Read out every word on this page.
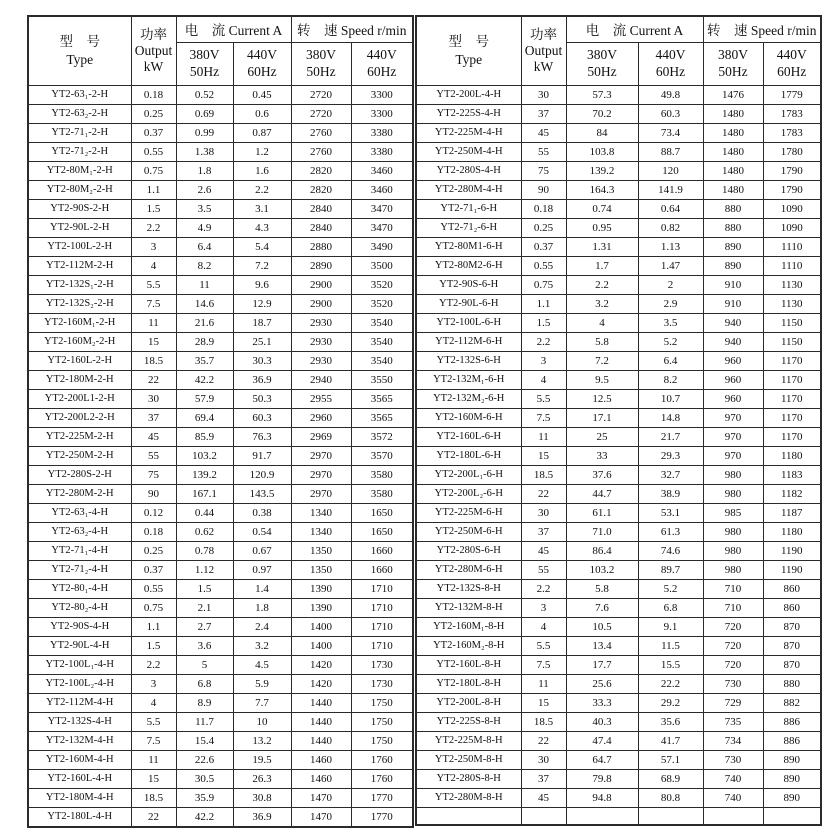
型　号
Type

功率
Output
kW
	电　流 Current A	转　速 Speed r/min

380V
50Hz

440V
60Hz

380V
50Hz

440V
60Hz

YT2-63₁-2-H	0.18	0.52	0.45	2720	3300
YT2-63₂-2-H	0.25	0.69	0.6	2720	3300
YT2-71₁-2-H	0.37	0.99	0.87	2760	3380
YT2-71₂-2-H	0.55	1.38	1.2	2760	3380
YT2-80M₁-2-H	0.75	1.8	1.6	2820	3460
YT2-80M₂-2-H	1.1	2.6	2.2	2820	3460
YT2-90S-2-H	1.5	3.5	3.1	2840	3470
YT2-90L-2-H	2.2	4.9	4.3	2840	3470
YT2-100L-2-H	3	6.4	5.4	2880	3490
YT2-112M-2-H	4	8.2	7.2	2890	3500
YT2-132S₁-2-H	5.5	11	9.6	2900	3520
YT2-132S₂-2-H	7.5	14.6	12.9	2900	3520
YT2-160M₁-2-H	11	21.6	18.7	2930	3540
YT2-160M₂-2-H	15	28.9	25.1	2930	3540
YT2-160L-2-H	18.5	35.7	30.3	2930	3540
YT2-180M-2-H	22	42.2	36.9	2940	3550
YT2-200L1-2-H	30	57.9	50.3	2955	3565
YT2-200L2-2-H	37	69.4	60.3	2960	3565
YT2-225M-2-H	45	85.9	76.3	2969	3572
YT2-250M-2-H	55	103.2	91.7	2970	3570
YT2-280S-2-H	75	139.2	120.9	2970	3580
YT2-280M-2-H	90	167.1	143.5	2970	3580
YT2-63₁-4-H	0.12	0.44	0.38	1340	1650
YT2-63₂-4-H	0.18	0.62	0.54	1340	1650
YT2-71₁-4-H	0.25	0.78	0.67	1350	1660
YT2-71₂-4-H	0.37	1.12	0.97	1350	1660
YT2-80₁-4-H	0.55	1.5	1.4	1390	1710
YT2-80₂-4-H	0.75	2.1	1.8	1390	1710
YT2-90S-4-H	1.1	2.7	2.4	1400	1710
YT2-90L-4-H	1.5	3.6	3.2	1400	1710
YT2-100L₁-4-H	2.2	5	4.5	1420	1730
YT2-100L₂-4-H	3	6.8	5.9	1420	1730
YT2-112M-4-H	4	8.9	7.7	1440	1750
YT2-132S-4-H	5.5	11.7	10	1440	1750
YT2-132M-4-H	7.5	15.4	13.2	1440	1750
YT2-160M-4-H	11	22.6	19.5	1460	1760
YT2-160L-4-H	15	30.5	26.3	1460	1760
YT2-180M-4-H	18.5	35.9	30.8	1470	1770
YT2-180L-4-H	22	42.2	36.9	1470	1770
型　号
Type

功率
Output
kW
	电　流 Current A	转　速 Speed r/min

380V
50Hz

440V
60Hz

380V
50Hz

440V
60Hz

YT2-200L-4-H	30	57.3	49.8	1476	1779
YT2-225S-4-H	37	70.2	60.3	1480	1783
YT2-225M-4-H	45	84	73.4	1480	1783
YT2-250M-4-H	55	103.8	88.7	1480	1780
YT2-280S-4-H	75	139.2	120	1480	1790
YT2-280M-4-H	90	164.3	141.9	1480	1790
YT2-71₁-6-H	0.18	0.74	0.64	880	1090
YT2-71₂-6-H	0.25	0.95	0.82	880	1090
YT2-80M1-6-H	0.37	1.31	1.13	890	1110
YT2-80M2-6-H	0.55	1.7	1.47	890	1110
YT2-90S-6-H	0.75	2.2	2	910	1130
YT2-90L-6-H	1.1	3.2	2.9	910	1130
YT2-100L-6-H	1.5	4	3.5	940	1150
YT2-112M-6-H	2.2	5.8	5.2	940	1150
YT2-132S-6-H	3	7.2	6.4	960	1170
YT2-132M₁-6-H	4	9.5	8.2	960	1170
YT2-132M₂-6-H	5.5	12.5	10.7	960	1170
YT2-160M-6-H	7.5	17.1	14.8	970	1170
YT2-160L-6-H	11	25	21.7	970	1170
YT2-180L-6-H	15	33	29.3	970	1180
YT2-200L₁-6-H	18.5	37.6	32.7	980	1183
YT2-200L₂-6-H	22	44.7	38.9	980	1182
YT2-225M-6-H	30	61.1	53.1	985	1187
YT2-250M-6-H	37	71.0	61.3	980	1180
YT2-280S-6-H	45	86.4	74.6	980	1190
YT2-280M-6-H	55	103.2	89.7	980	1190
YT2-132S-8-H	2.2	5.8	5.2	710	860
YT2-132M-8-H	3	7.6	6.8	710	860
YT2-160M₁-8-H	4	10.5	9.1	720	870
YT2-160M₂-8-H	5.5	13.4	11.5	720	870
YT2-160L-8-H	7.5	17.7	15.5	720	870
YT2-180L-8-H	11	25.6	22.2	730	880
YT2-200L-8-H	15	33.3	29.2	729	882
YT2-225S-8-H	18.5	40.3	35.6	735	886
YT2-225M-8-H	22	47.4	41.7	734	886
YT2-250M-8-H	30	64.7	57.1	730	890
YT2-280S-8-H	37	79.8	68.9	740	890
YT2-280M-8-H	45	94.8	80.8	740	890
